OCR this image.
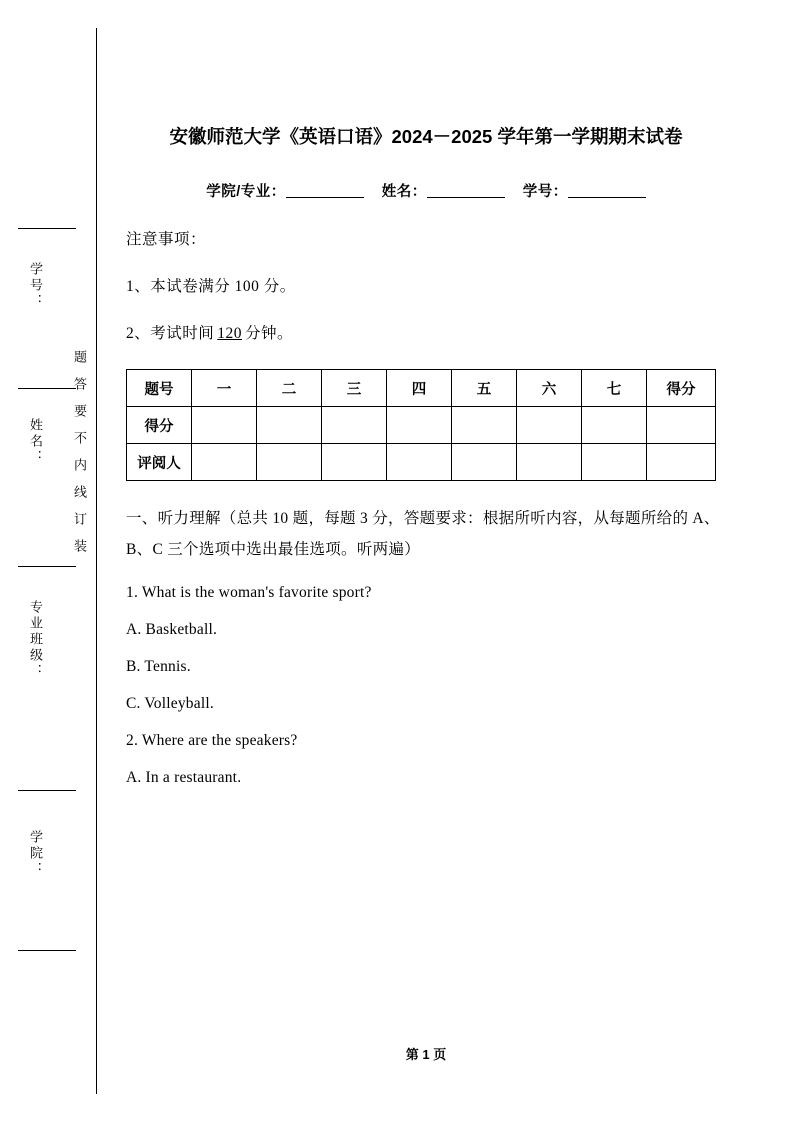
学号：
姓名：
专业班级：
学院：
题答要不内线订装
安徽师范大学《英语口语》2024－2025 学年第一学期期末试卷
学院/专业：	姓名：	学号：
注意事项：
1、本试卷满分 100 分。
2、考试时间 120 分钟。
题号	一	二	三	四	五	六	七	得分
得分								
评阅人								
一、听力理解（总共 10 题，每题 3 分，答题要求：根据所听内容，从每题所给的 A、B、C 三个选项中选出最佳选项。听两遍）
1. What is the woman's favorite sport?
A. Basketball.
B. Tennis.
C. Volleyball.
2. Where are the speakers?
A. In a restaurant.
第 1 页
